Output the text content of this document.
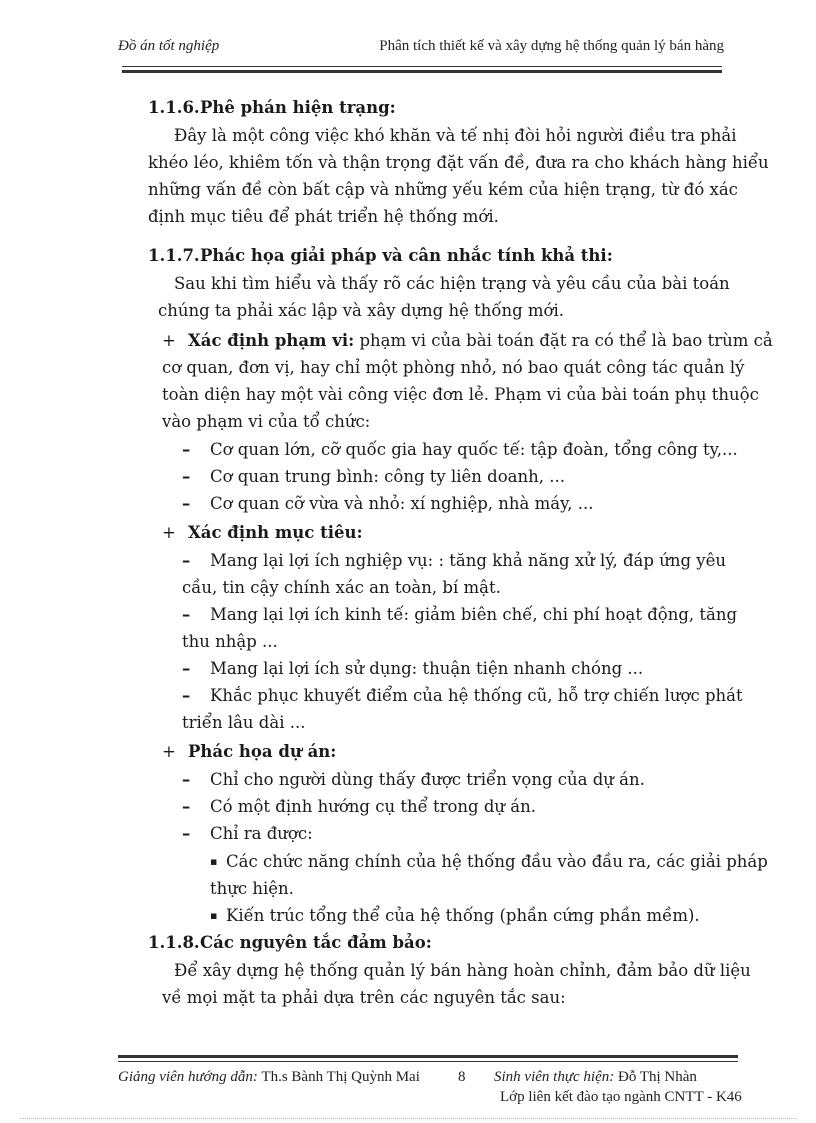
Đồ án tốt nghiệp	Phân tích thiết kế và xây dựng hệ thống quản lý bán hàng
1.1.6.Phê phán hiện trạng:
Đây là một công việc khó khăn và tế nhị đòi hỏi người điều tra phải
khéo léo, khiêm tốn và thận trọng đặt vấn đề, đưa ra cho khách hàng hiểu
những vấn đề còn bất cập và những yếu kém của hiện trạng, từ đó xác
định mục tiêu để phát triển hệ thống mới.
1.1.7.Phác họa giải pháp và cân nhắc tính khả thi:
Sau khi tìm hiểu và thấy rõ các hiện trạng và yêu cầu của bài toán
chúng ta phải xác lập và xây dựng hệ thống mới.
+ Xác định phạm vi: phạm vi của bài toán đặt ra có thể là bao trùm cả
cơ quan, đơn vị, hay chỉ một phòng nhỏ, nó bao quát công tác quản lý
toàn diện hay một vài công việc đơn lẻ. Phạm vi của bài toán phụ thuộc
vào phạm vi của tổ chức:
– Cơ quan lớn, cỡ quốc gia hay quốc tế: tập đoàn, tổng công ty,...
– Cơ quan trung bình: công ty liên doanh, ...
– Cơ quan cỡ vừa và nhỏ: xí nghiệp, nhà máy, ...
+ Xác định mục tiêu:
– Mang lại lợi ích nghiệp vụ: : tăng khả năng xử lý, đáp ứng yêu
cầu, tin cậy chính xác an toàn, bí mật.
– Mang lại lợi ích kinh tế: giảm biên chế, chi phí hoạt động, tăng
thu nhập ...
– Mang lại lợi ích sử dụng: thuận tiện nhanh chóng ...
– Khắc phục khuyết điểm của hệ thống cũ, hỗ trợ chiến lược phát
triển lâu dài ...
+ Phác họa dự án:
– Chỉ cho người dùng thấy được triển vọng của dự án.
– Có một định hướng cụ thể trong dự án.
– Chỉ ra được:
▪ Các chức năng chính của hệ thống đầu vào đầu ra, các giải pháp
thực hiện.
▪ Kiến trúc tổng thể của hệ thống (phần cứng phần mềm).
1.1.8.Các nguyên tắc đảm bảo:
Để xây dựng hệ thống quản lý bán hàng hoàn chỉnh, đảm bảo dữ liệu
về mọi mặt ta phải dựa trên các nguyên tắc sau:
Giảng viên hướng dẫn: Th.s Bành Thị Quỳnh Mai	8 Sinh viên thực hiện: Đỗ Thị Nhàn
Lớp liên kết đào tạo ngành CNTT - K46
